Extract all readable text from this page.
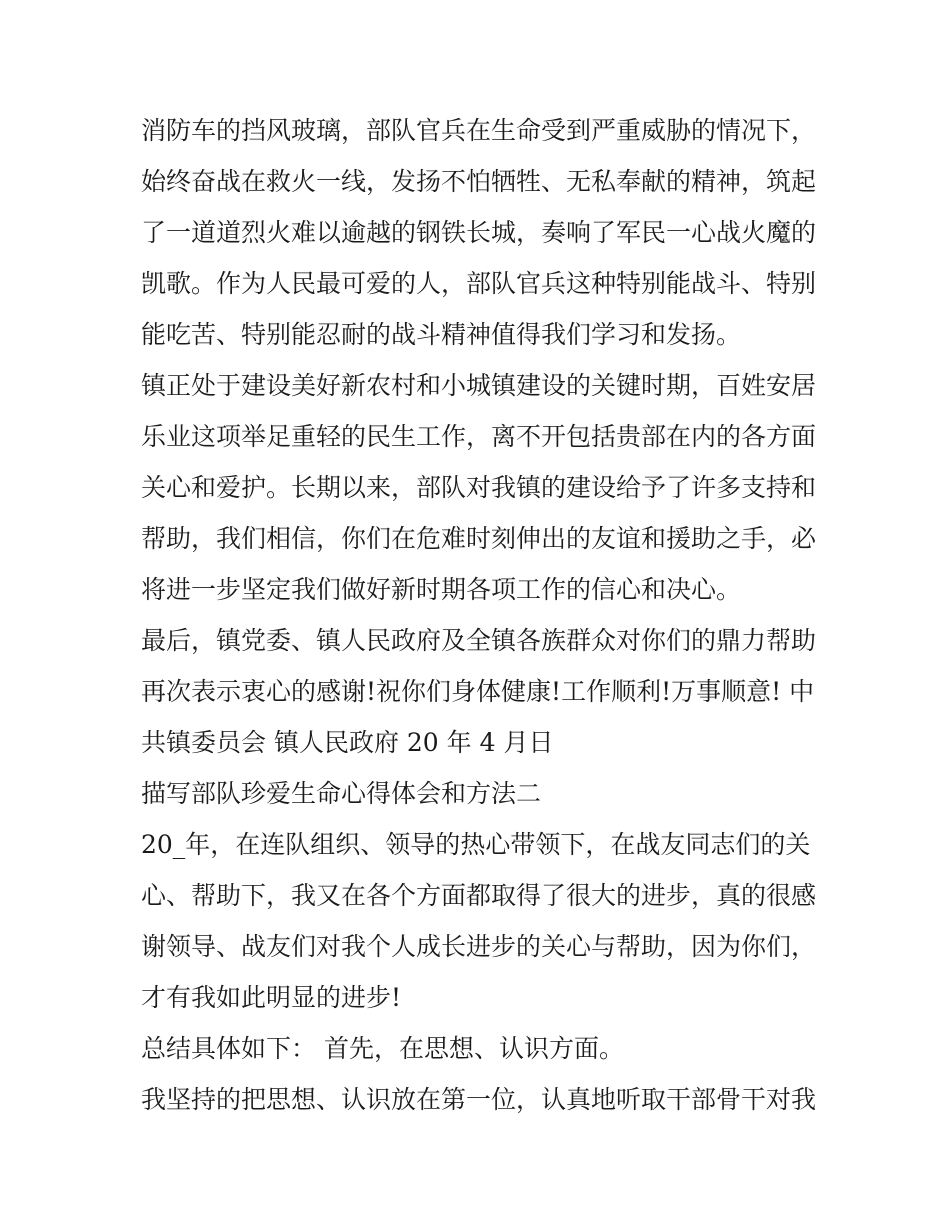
消防车的挡风玻璃，部队官兵在生命受到严重威胁的情况下，
始终奋战在救火一线，发扬不怕牺牲、无私奉献的精神，筑起
了一道道烈火难以逾越的钢铁长城，奏响了军民一心战火魔的
凯歌。作为人民最可爱的人，部队官兵这种特别能战斗、特别
能吃苦、特别能忍耐的战斗精神值得我们学习和发扬。
镇正处于建设美好新农村和小城镇建设的关键时期，百姓安居
乐业这项举足重轻的民生工作，离不开包括贵部在内的各方面
关心和爱护。长期以来，部队对我镇的建设给予了许多支持和
帮助，我们相信，你们在危难时刻伸出的友谊和援助之手，必
将进一步坚定我们做好新时期各项工作的信心和决心。
最后，镇党委、镇人民政府及全镇各族群众对你们的鼎力帮助
再次表示衷心的感谢!祝你们身体健康!工作顺利!万事顺意! 中
共镇委员会 镇人民政府 20 年 4 月日
描写部队珍爱生命心得体会和方法二
20_年，在连队组织、领导的热心带领下，在战友同志们的关
心、帮助下，我又在各个方面都取得了很大的进步，真的很感
谢领导、战友们对我个人成长进步的关心与帮助，因为你们，
才有我如此明显的进步!
总结具体如下： 首先，在思想、认识方面。
我坚持的把思想、认识放在第一位，认真地听取干部骨干对我
